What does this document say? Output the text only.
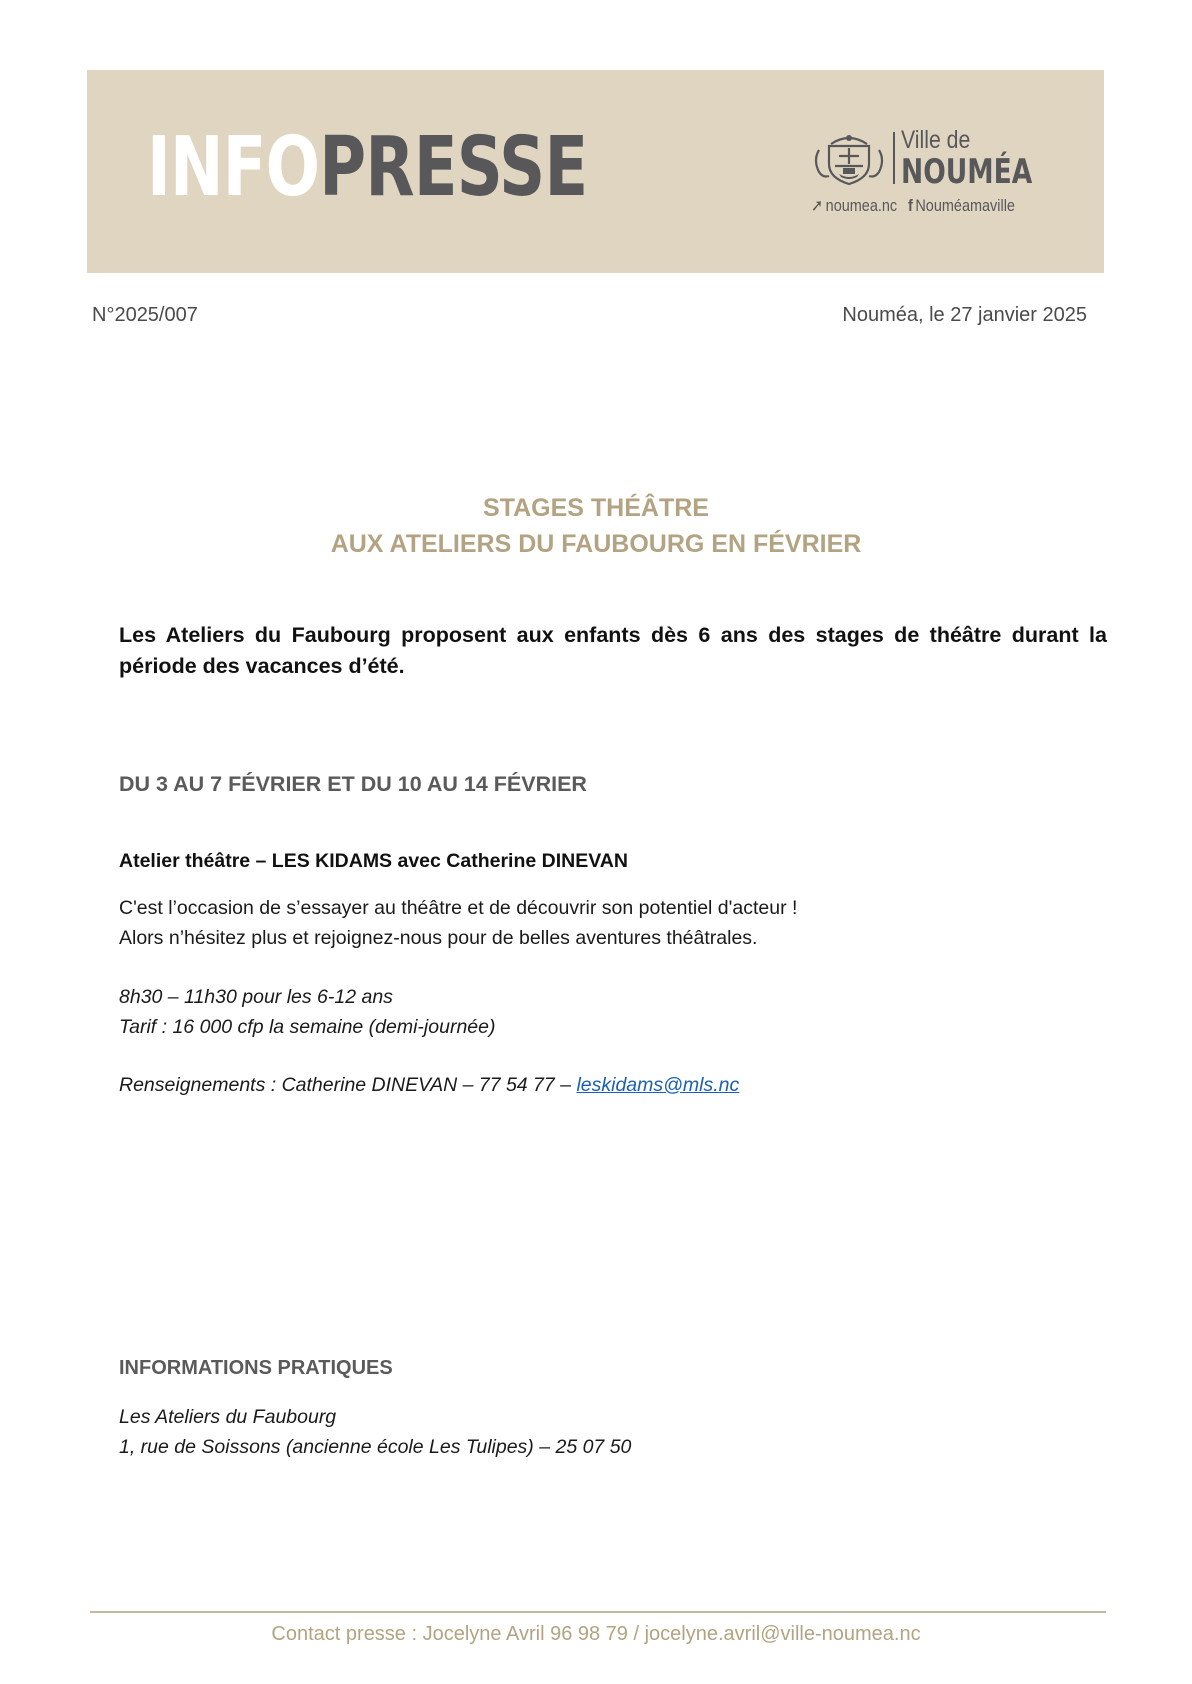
INFOPRESSE	Ville de
NOUMÉA
➚ noumea.nc f Nouméamaville
N°2025/007	Nouméa, le 27 janvier 2025
STAGES THÉÂTRE
AUX ATELIERS DU FAUBOURG EN FÉVRIER
Les Ateliers du Faubourg proposent aux enfants dès 6 ans des stages de théâtre durant la période des vacances d’été.
DU 3 AU 7 FÉVRIER ET DU 10 AU 14 FÉVRIER
Atelier théâtre – LES KIDAMS avec Catherine DINEVAN
C'est l’occasion de s’essayer au théâtre et de découvrir son potentiel d'acteur !
Alors n’hésitez plus et rejoignez-nous pour de belles aventures théâtrales.
8h30 – 11h30 pour les 6-12 ans
Tarif : 16 000 cfp la semaine (demi-journée)
Renseignements : Catherine DINEVAN – 77 54 77 – leskidams@mls.nc
INFORMATIONS PRATIQUES
Les Ateliers du Faubourg
1, rue de Soissons (ancienne école Les Tulipes) – 25 07 50
Contact presse : Jocelyne Avril 96 98 79 / jocelyne.avril@ville-noumea.nc
